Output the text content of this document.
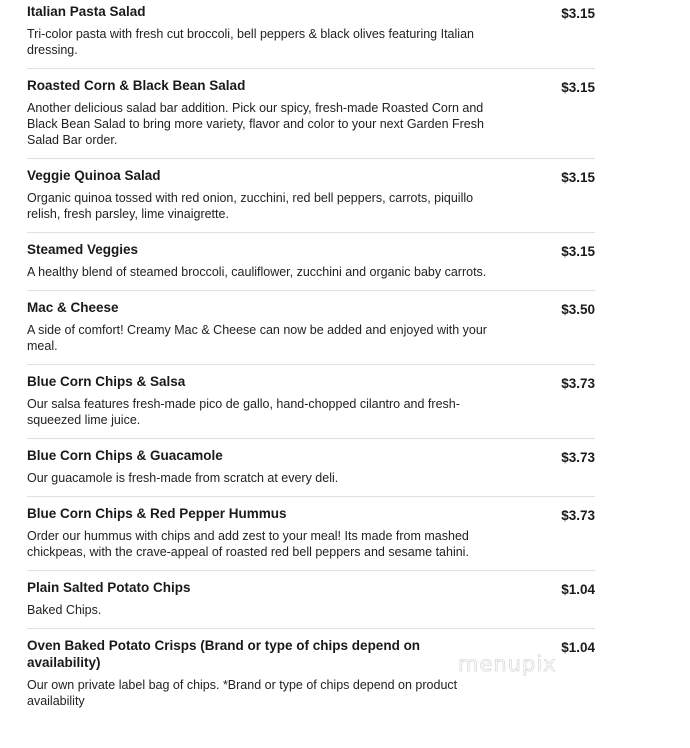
$3.15
Italian Pasta Salad
Tri-color pasta with fresh cut broccoli, bell peppers & black olives featuring Italian dressing.
$3.15
Roasted Corn & Black Bean Salad
Another delicious salad bar addition. Pick our spicy, fresh-made Roasted Corn and Black Bean Salad to bring more variety, flavor and color to your next Garden Fresh Salad Bar order.
$3.15
Veggie Quinoa Salad
Organic quinoa tossed with red onion, zucchini, red bell peppers, carrots, piquillo relish, fresh parsley, lime vinaigrette.
$3.15
Steamed Veggies
A healthy blend of steamed broccoli, cauliflower, zucchini and organic baby carrots.
$3.50
Mac & Cheese
A side of comfort! Creamy Mac & Cheese can now be added and enjoyed with your meal.
$3.73
Blue Corn Chips & Salsa
Our salsa features fresh-made pico de gallo, hand-chopped cilantro and fresh-squeezed lime juice.
$3.73
Blue Corn Chips & Guacamole
Our guacamole is fresh-made from scratch at every deli.
$3.73
Blue Corn Chips & Red Pepper Hummus
Order our hummus with chips and add zest to your meal! Its made from mashed chickpeas, with the crave-appeal of roasted red bell peppers and sesame tahini.
$1.04
Plain Salted Potato Chips
Baked Chips.
$1.04
Oven Baked Potato Crisps (Brand or type of chips depend on availability)
Our own private label bag of chips. *Brand or type of chips depend on product availability
menupix
